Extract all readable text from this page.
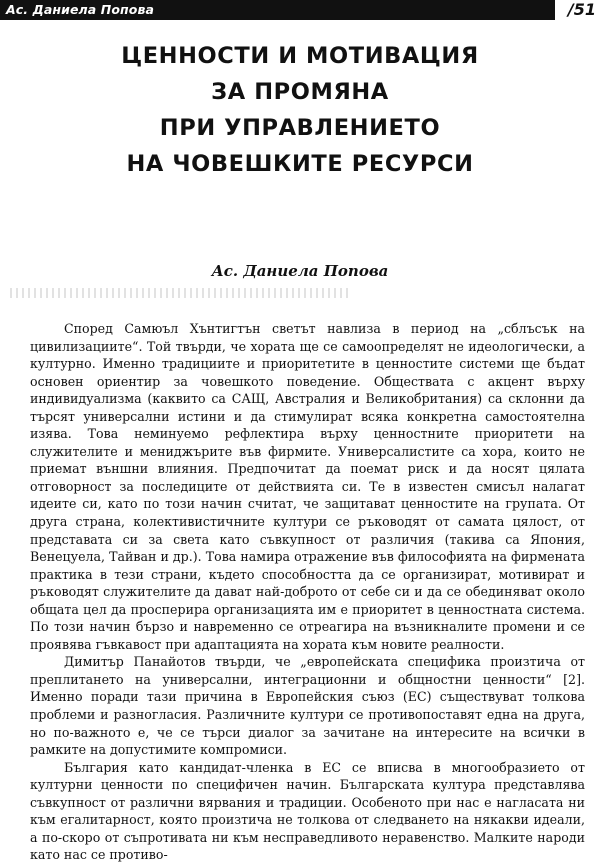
Ас. Даниела Попова	/51
ЦЕННОСТИ И МОТИВАЦИЯ
ЗА ПРОМЯНА
ПРИ УПРАВЛЕНИЕТО
НА ЧОВЕШКИТЕ РЕСУРСИ
Ас. Даниела Попова

Според Самюъл Хънтигтън светът навлиза в период на „сблъсък на цивилизациите“. Той твърди, че хората ще се самоопределят не идеологически, а културно. Именно традициите и приоритетите в ценностите системи ще бъдат основен ориентир за човешкото поведение. Обществата с акцент върху индивидуализма (каквито са САЩ, Австралия и Великобритания) са склонни да търсят универсални истини и да стимулират всяка конкретна самостоятелна изява. Това неминуемо рефлектира върху ценностните приоритети на служителите и мениджърите във фирмите. Универсалистите са хора, които не приемат външни влияния. Предпочитат да поемат риск и да носят цялата отговорност за последиците от действията си. Те в известен смисъл налагат идеите си, като по този начин считат, че защитават ценностите на групата. От друга страна, колективистичните култури се ръководят от самата цялост, от представата си за света като съвкупност от различия (такива са Япония, Венецуела, Тайван и др.). Това намира отражение във философията на фирмената практика в тези страни, където способността да се организират, мотивират и ръководят служителите да дават най-доброто от себе си и да се обединяват около общата цел да просперира организацията им е приоритет в ценностната система. По този начин бързо и навременно се отреагира на възникналите промени и се проявява гъвкавост при адаптацията на хората към новите реалности.

Димитър Панайотов твърди, че „европейската специфика произтича от преплитането на универсални, интеграционни и общностни ценности“ [2]. Именно поради тази причина в Европейския съюз (ЕС) съществуват толкова проблеми и разногласия. Различните култури се противопоставят една на друга, но по-важното е, че се търси диалог за зачитане на интересите на всички в рамките на допустимите компромиси.

България като кандидат-членка в ЕС се вписва в многообразието от културни ценности по специфичен начин. Българската култура представлява съвкупност от различни вярвания и традиции. Особеното при нас е нагласата ни към егалитарност, която произтича не толкова от следването на някакви идеали, а по-скоро от съпротивата ни към несправедливото неравенство. Малките народи като нас се противо-
